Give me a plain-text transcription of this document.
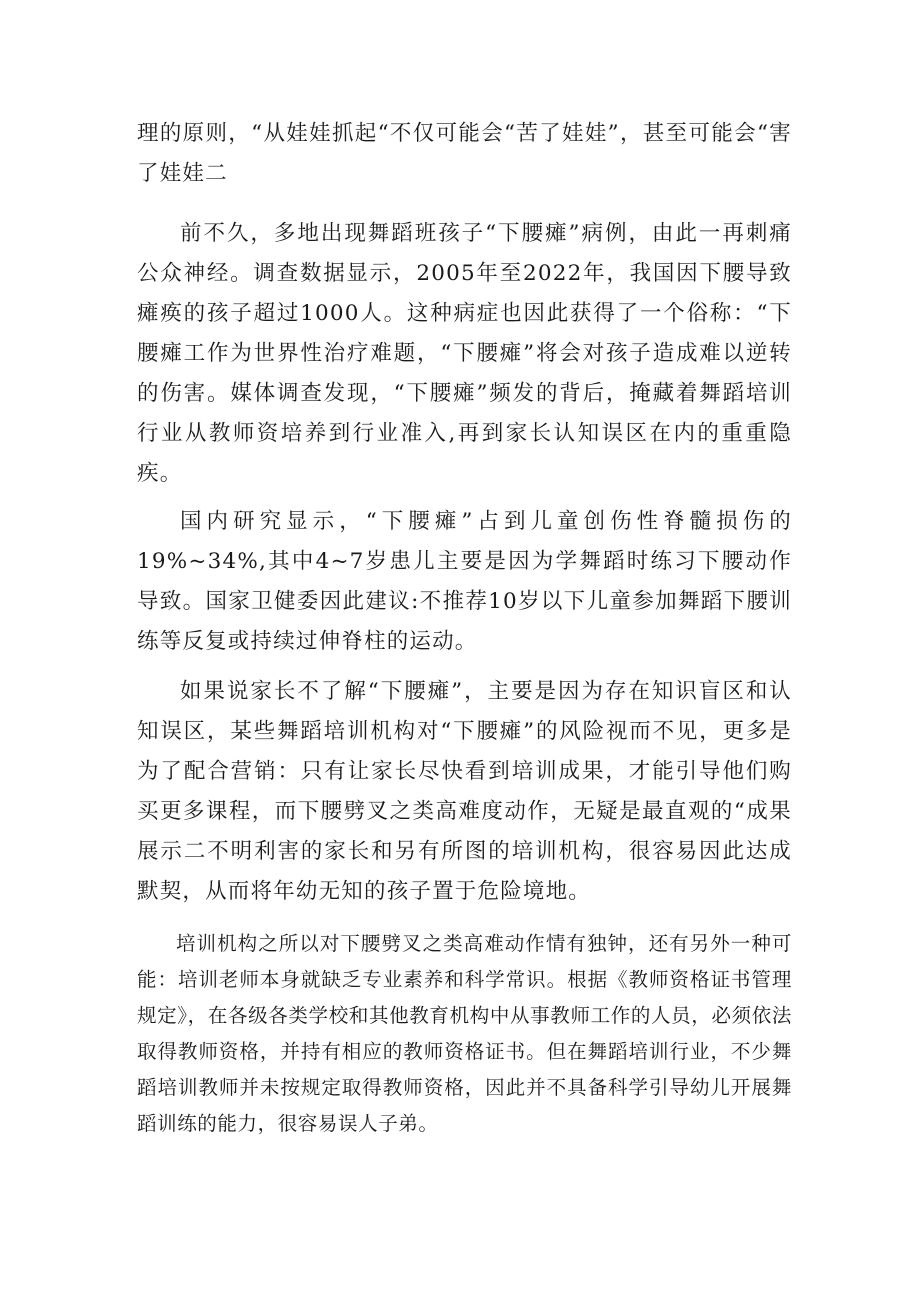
理的原则，“从娃娃抓起“不仅可能会“苦了娃娃”，甚至可能会“害了娃娃二

前不久，多地出现舞蹈班孩子“下腰瘫”病例，由此一再刺痛公众神经。调查数据显示，2005年至2022年，我国因下腰导致瘫痪的孩子超过1000人。这种病症也因此获得了一个俗称：“下腰瘫工作为世界性治疗难题，“下腰瘫”将会对孩子造成难以逆转的伤害。媒体调查发现，“下腰瘫”频发的背后，掩藏着舞蹈培训行业从教师资培养到行业准入,再到家长认知误区在内的重重隐疾。

国内研究显示，“下腰瘫”占到儿童创伤性脊髓损伤的19%~34%,其中4~7岁患儿主要是因为学舞蹈时练习下腰动作导致。国家卫健委因此建议:不推荐10岁以下儿童参加舞蹈下腰训练等反复或持续过伸脊柱的运动。

如果说家长不了解“下腰瘫”，主要是因为存在知识盲区和认知误区，某些舞蹈培训机构对“下腰瘫”的风险视而不见，更多是为了配合营销：只有让家长尽快看到培训成果，才能引导他们购买更多课程，而下腰劈叉之类高难度动作，无疑是最直观的“成果展示二不明利害的家长和另有所图的培训机构，很容易因此达成默契，从而将年幼无知的孩子置于危险境地。

培训机构之所以对下腰劈叉之类高难动作情有独钟，还有另外一种可能：培训老师本身就缺乏专业素养和科学常识。根据《教师资格证书管理规定》，在各级各类学校和其他教育机构中从事教师工作的人员，必须依法取得教师资格，并持有相应的教师资格证书。但在舞蹈培训行业，不少舞蹈培训教师并未按规定取得教师资格，因此并不具备科学引导幼儿开展舞蹈训练的能力，很容易误人子弟。
